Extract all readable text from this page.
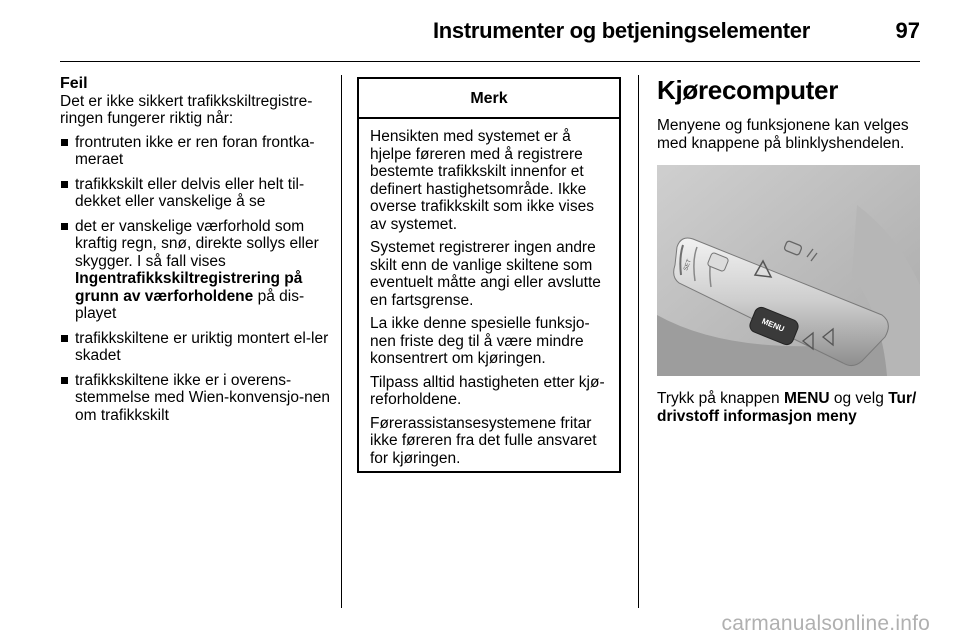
Instrumenter og betjeningselementer	97
Feil
Det er ikke sikkert trafikkskiltregistre-ringen fungerer riktig når:
frontruten ikke er ren foran frontka-meraet
trafikkskilt eller delvis eller helt til-dekket eller vanskelige å se
det er vanskelige værforhold som kraftig regn, snø, direkte sollys eller skygger. I så fall vises Ingentrafikkskiltregistrering på grunn av værforholdene på dis-playet
trafikkskiltene er uriktig montert el-ler skadet
trafikkskiltene ikke er i overens-stemmelse med Wien-konvensjo-nen om trafikkskilt
Merk

Hensikten med systemet er å hjelpe føreren med å registrere bestemte trafikkskilt innenfor et definert hastighetsområde. Ikke overse trafikkskilt som ikke vises av systemet.

Systemet registrerer ingen andre skilt enn de vanlige skiltene som eventuelt måtte angi eller avslutte en fartsgrense.

La ikke denne spesielle funksjo-nen friste deg til å være mindre konsentrert om kjøringen.

Tilpass alltid hastigheten etter kjø-reforholdene.

Førerassistansesystemene fritar ikke føreren fra det fulle ansvaret for kjøringen.

Kjørecomputer

Menyene og funksjonene kan velges med knappene på blinklyshendelen.

MENU
SET
Trykk på knappen MENU og velg Tur/ drivstoff informasjon meny
carmanualsonline.info
